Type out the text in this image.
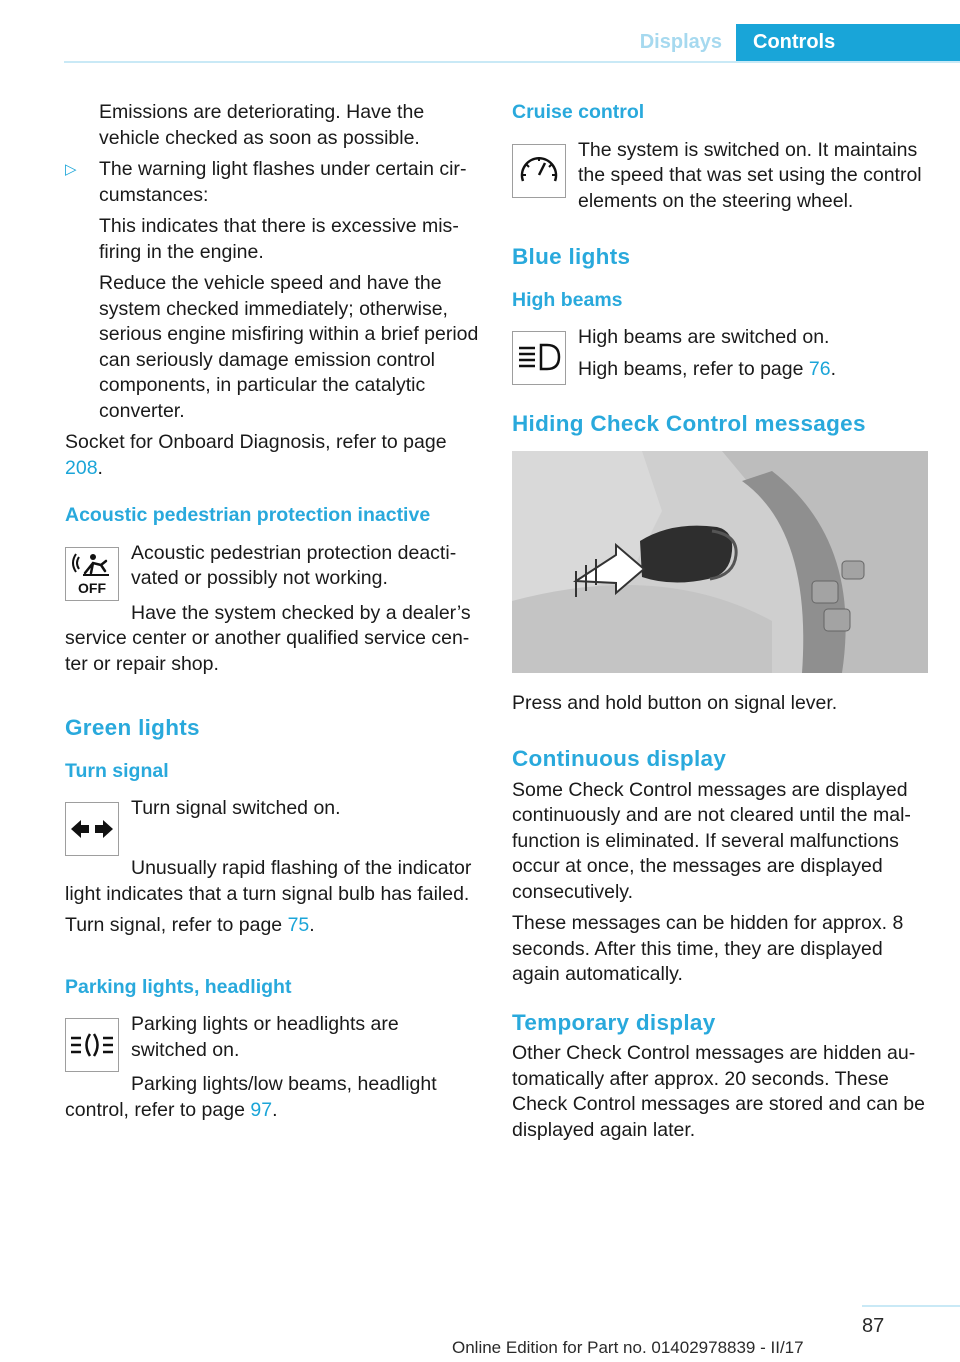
Displays	Controls

Emissions are deteriorating. Have the vehicle checked as soon as possible.

▷ The warning light flashes under certain circumstances:

This indicates that there is excessive misfiring in the engine.

Reduce the vehicle speed and have the system checked immediately; otherwise, serious engine misfiring within a brief period can seriously damage emission control components, in particular the catalytic converter.

Socket for Onboard Diagnosis, refer to page 208.

Acoustic pedestrian protection inactive
OFF

Acoustic pedestrian protection deactivated or possibly not working.

Have the system checked by a dealer’s service center or another qualified service center or repair shop.

Green lights
Turn signal

Turn signal switched on.

Unusually rapid flashing of the indicator light indicates that a turn signal bulb has failed.

Turn signal, refer to page 75.

Parking lights, headlight

Parking lights or headlights are switched on.

Parking lights/low beams, headlight control, refer to page 97.

Cruise control

The system is switched on. It maintains the speed that was set using the control elements on the steering wheel.

Blue lights
High beams

High beams are switched on.

High beams, refer to page 76.

Hiding Check Control messages

Press and hold button on signal lever.

Continuous display

Some Check Control messages are displayed continuously and are not cleared until the malfunction is eliminated. If several malfunctions occur at once, the messages are displayed consecutively.

These messages can be hidden for approx. 8 seconds. After this time, they are displayed again automatically.

Temporary display

Other Check Control messages are hidden automatically after approx. 20 seconds. These Check Control messages are stored and can be displayed again later.

87
Online Edition for Part no. 01402978839 - II/17
